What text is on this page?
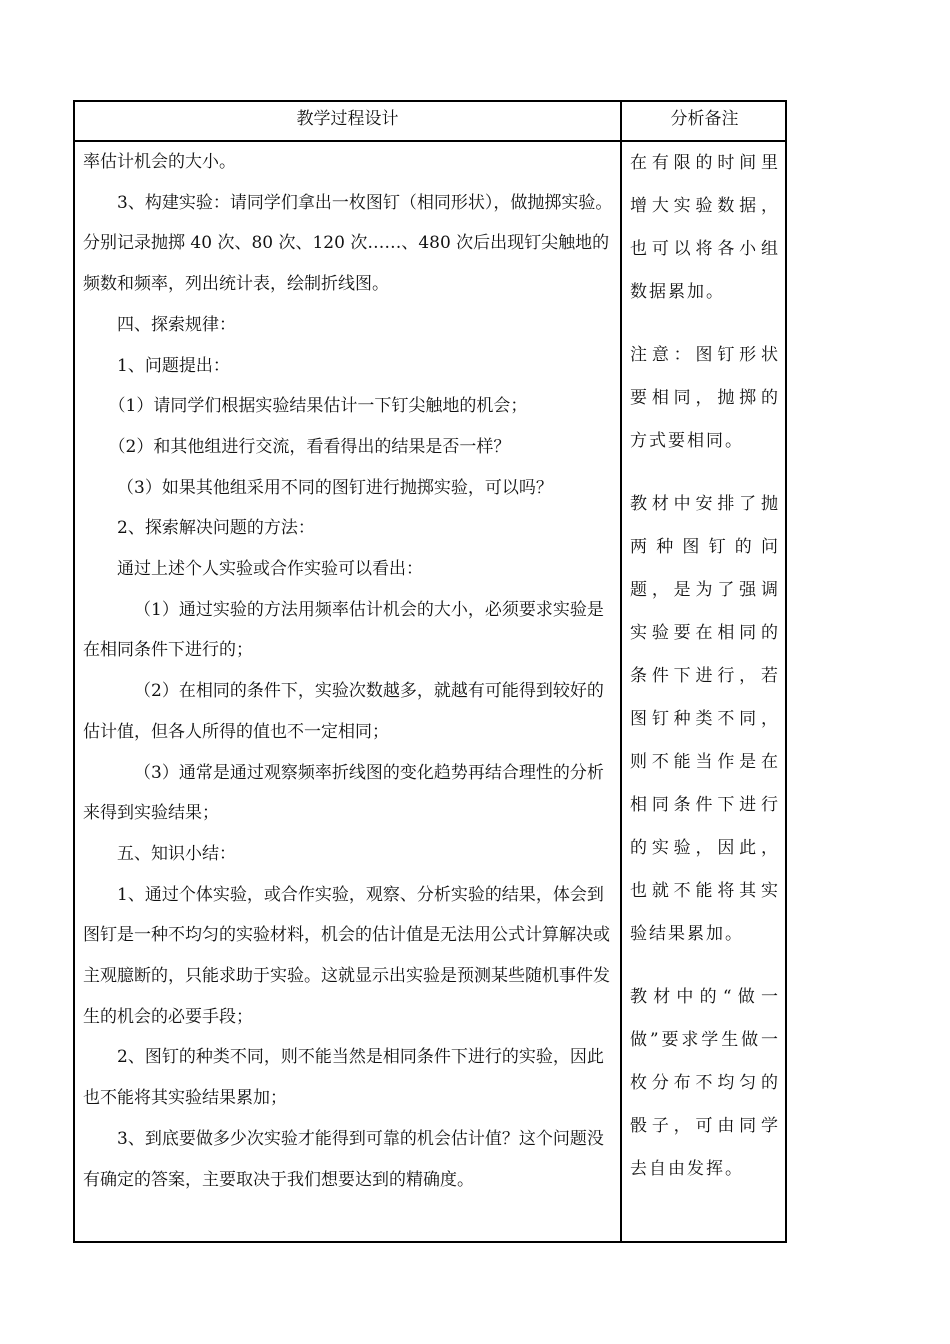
教学过程设计	分析备注

率估计机会的大小。

3、构建实验：请同学们拿出一枚图钉（相同形状），做抛掷实验。分别记录抛掷 40 次、80 次、120 次……、480 次后出现钉尖触地的频数和频率，列出统计表，绘制折线图。

四、探索规律：

1、问题提出：

（1）请同学们根据实验结果估计一下钉尖触地的机会；

（2）和其他组进行交流，看看得出的结果是否一样？

（3）如果其他组采用不同的图钉进行抛掷实验，可以吗？

2、探索解决问题的方法：

通过上述个人实验或合作实验可以看出：

（1）通过实验的方法用频率估计机会的大小，必须要求实验是在相同条件下进行的；

（2）在相同的条件下，实验次数越多，就越有可能得到较好的估计值，但各人所得的值也不一定相同；

（3）通常是通过观察频率折线图的变化趋势再结合理性的分析来得到实验结果；

五、知识小结：

1、通过个体实验，或合作实验，观察、分析实验的结果，体会到图钉是一种不均匀的实验材料，机会的估计值是无法用公式计算解决或主观臆断的，只能求助于实验。这就显示出实验是预测某些随机事件发生的机会的必要手段；

2、图钉的种类不同，则不能当然是相同条件下进行的实验，因此也不能将其实验结果累加；

3、到底要做多少次实验才能得到可靠的机会估计值？这个问题没有确定的答案，主要取决于我们想要达到的精确度。

在有限的时间里增大实验数据，也可以将各小组数据累加。

注意：图钉形状要相同，抛掷的方式要相同。

教材中安排了抛两种图钉的问题，是为了强调实验要在相同的条件下进行，若图钉种类不同，则不能当作是在相同条件下进行的实验，因此，也就不能将其实验结果累加。

教材中的“做一做”要求学生做一枚分布不均匀的骰子，可由同学去自由发挥。
